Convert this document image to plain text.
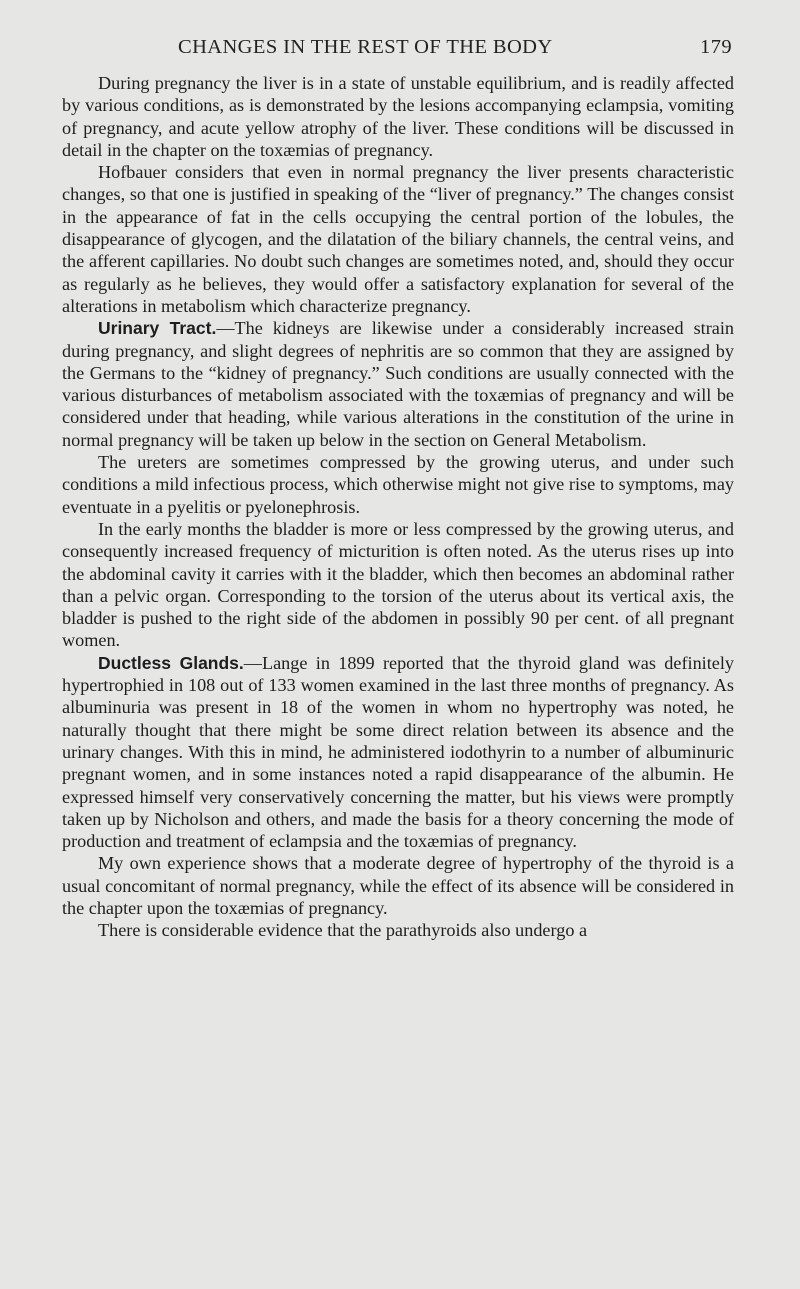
CHANGES IN THE REST OF THE BODY	179

During pregnancy the liver is in a state of unstable equilibrium, and is readily affected by various conditions, as is demonstrated by the lesions accompanying eclampsia, vomiting of pregnancy, and acute yellow atrophy of the liver. These conditions will be discussed in detail in the chapter on the toxæmias of pregnancy.

Hofbauer considers that even in normal pregnancy the liver presents characteristic changes, so that one is justified in speaking of the “liver of pregnancy.” The changes consist in the appearance of fat in the cells occupying the central portion of the lobules, the disappearance of glycogen, and the dilatation of the biliary channels, the central veins, and the afferent capillaries. No doubt such changes are sometimes noted, and, should they occur as regularly as he believes, they would offer a satisfactory explanation for several of the alterations in metabolism which characterize pregnancy.

Urinary Tract.—The kidneys are likewise under a considerably increased strain during pregnancy, and slight degrees of nephritis are so common that they are assigned by the Germans to the “kidney of pregnancy.” Such conditions are usually connected with the various disturbances of metabolism associated with the toxæmias of pregnancy and will be considered under that heading, while various alterations in the constitution of the urine in normal pregnancy will be taken up below in the section on General Metabolism.

The ureters are sometimes compressed by the growing uterus, and under such conditions a mild infectious process, which otherwise might not give rise to symptoms, may eventuate in a pyelitis or pyelonephrosis.

In the early months the bladder is more or less compressed by the growing uterus, and consequently increased frequency of micturition is often noted. As the uterus rises up into the abdominal cavity it carries with it the bladder, which then becomes an abdominal rather than a pelvic organ. Corresponding to the torsion of the uterus about its vertical axis, the bladder is pushed to the right side of the abdomen in possibly 90 per cent. of all pregnant women.

Ductless Glands.—Lange in 1899 reported that the thyroid gland was definitely hypertrophied in 108 out of 133 women examined in the last three months of pregnancy. As albuminuria was present in 18 of the women in whom no hypertrophy was noted, he naturally thought that there might be some direct relation between its absence and the urinary changes. With this in mind, he administered iodothyrin to a number of albuminuric pregnant women, and in some instances noted a rapid disappearance of the albumin. He expressed himself very conservatively concerning the matter, but his views were promptly taken up by Nicholson and others, and made the basis for a theory concerning the mode of production and treatment of eclampsia and the toxæmias of pregnancy.

My own experience shows that a moderate degree of hypertrophy of the thyroid is a usual concomitant of normal pregnancy, while the effect of its absence will be considered in the chapter upon the toxæmias of pregnancy.

There is considerable evidence that the parathyroids also undergo a
